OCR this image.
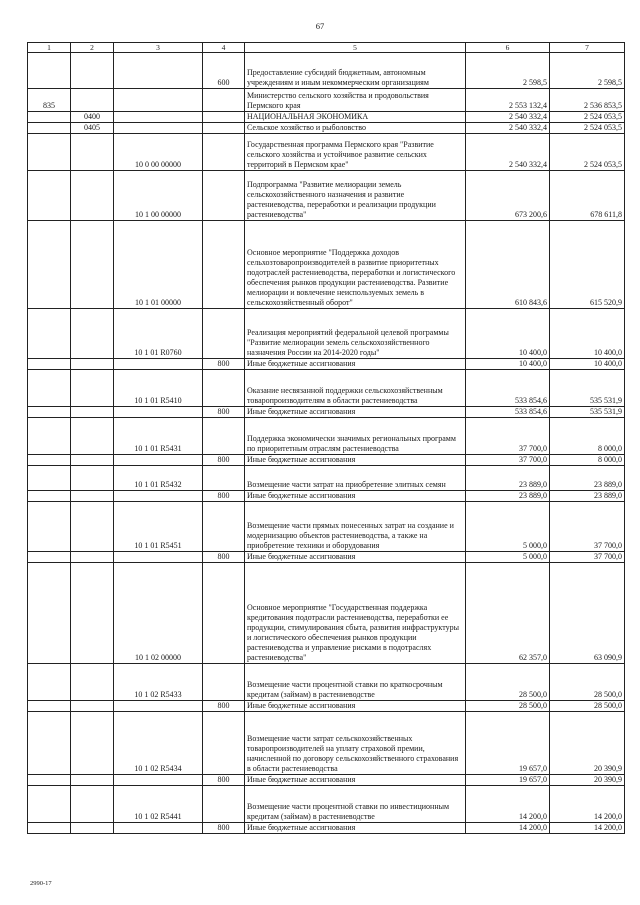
67
1	2	3	4	5	6	7
			600	Предоставление субсидий бюджетным, автономным учреждениям и иным некоммерческим организациям	2 598,5	2 598,5
835				Министерство сельского хозяйства и продовольствия Пермского края	2 553 132,4	2 536 853,5
	0400			НАЦИОНАЛЬНАЯ ЭКОНОМИКА	2 540 332,4	2 524 053,5
	0405			Сельское хозяйство и рыболовство	2 540 332,4	2 524 053,5
		10 0 00 00000		Государственная программа Пермского края "Развитие сельского хозяйства и устойчивое развитие сельских территорий в Пермском крае"	2 540 332,4	2 524 053,5
		10 1 00 00000		Подпрограмма "Развитие мелиорации земель сельскохозяйственного назначения и развитие растениеводства, переработки и реализации продукции растениеводства"	673 200,6	678 611,8
		10 1 01 00000		Основное мероприятие "Поддержка доходов сельхозтоваропроизводителей в развитие приоритетных подотраслей растениеводства, переработки и логистического обеспечения рынков продукции растениеводства. Развитие мелиорации и вовлечение неиспользуемых земель в сельскохозяйственный оборот"	610 843,6	615 520,9
		10 1 01 R0760		Реализация мероприятий федеральной целевой программы "Развитие мелиорации земель сельскохозяйственного назначения России на 2014-2020 годы"	10 400,0	10 400,0
			800	Иные бюджетные ассигнования	10 400,0	10 400,0
		10 1 01 R5410		Оказание несвязанной поддержки сельскохозяйственным товаропроизводителям в области растениеводства	533 854,6	535 531,9
			800	Иные бюджетные ассигнования	533 854,6	535 531,9
		10 1 01 R5431		Поддержка экономически значимых региональных программ по приоритетным отраслям растениеводства	37 700,0	8 000,0
			800	Иные бюджетные ассигнования	37 700,0	8 000,0
		10 1 01 R5432		Возмещение части затрат на приобретение элитных семян	23 889,0	23 889,0
			800	Иные бюджетные ассигнования	23 889,0	23 889,0
		10 1 01 R5451		Возмещение части прямых понесенных затрат на создание и модернизацию объектов растениеводства, а также на приобретение техники и оборудования	5 000,0	37 700,0
			800	Иные бюджетные ассигнования	5 000,0	37 700,0
		10 1 02 00000		Основное мероприятие "Государственная поддержка кредитования подотрасли растениеводства, переработки ее продукции, стимулирования сбыта, развития инфраструктуры и логистического обеспечения рынков продукции растениеводства и управление рисками в подотраслях растениеводства"	62 357,0	63 090,9
		10 1 02 R5433		Возмещение части процентной ставки по краткосрочным кредитам (займам) в растениеводстве	28 500,0	28 500,0
			800	Иные бюджетные ассигнования	28 500,0	28 500,0
		10 1 02 R5434		Возмещение части затрат сельскохозяйственных товаропроизводителей на уплату страховой премии, начисленной по договору сельскохозяйственного страхования в области растениеводства	19 657,0	20 390,9
			800	Иные бюджетные ассигнования	19 657,0	20 390,9
		10 1 02 R5441		Возмещение части процентной ставки по инвестиционным кредитам (займам) в растениеводстве	14 200,0	14 200,0
			800	Иные бюджетные ассигнования	14 200,0	14 200,0
2990-17
